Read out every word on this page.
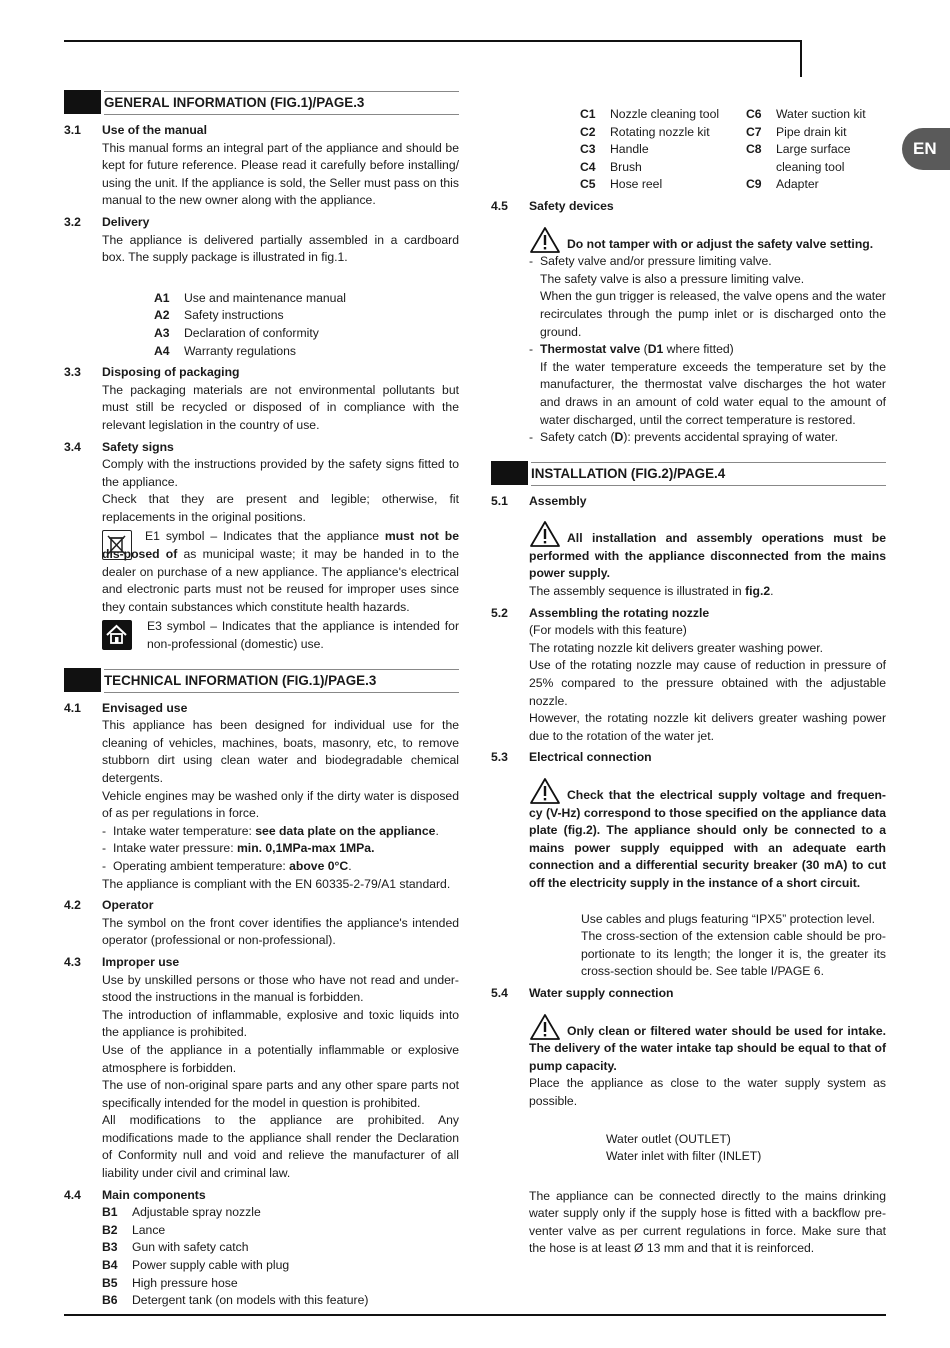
EN
GENERAL INFORMATION (FIG.1)/PAGE.3
3.1 Use of the manual

This manual forms an integral part of the appliance and should be kept for future reference. Please read it carefully before installing/ using the unit. If the appliance is sold, the Seller must pass on this manual to the new owner along with the appliance.

3.2 Delivery

The appliance is delivered partially assembled in a cardboard box. The supply package is illustrated in fig.1.

A1	Use and maintenance manual
A2	Safety instructions
A3	Declaration of conformity
A4	Warranty regulations
3.3 Disposing of packaging

The packaging materials are not environmental pollutants but must still be recycled or disposed of in compliance with the relevant legislation in the country of use.

3.4 Safety signs

Comply with the instructions provided by the safety signs fitted to the appliance.

Check that they are present and legible; otherwise, fit replacements in the original positions.

E1 symbol – Indicates that the appliance must not be dis-posed of as municipal waste; it may be handed in to the dealer on purchase of a new appliance. The appliance's electrical and electronic parts must not be reused for improper uses since they contain substances which constitute health hazards.

E3 symbol – Indicates that the appliance is intended for non-professional (domestic) use.

TECHNICAL INFORMATION (FIG.1)/PAGE.3
4.1 Envisaged use

This appliance has been designed for individual use for the cleaning of vehicles, machines, boats, masonry, etc, to remove stubborn dirt using clean water and biodegradable chemical detergents.

Vehicle engines may be washed only if the dirty water is disposed of as per regulations in force.

- Intake water temperature: see data plate on the appliance.
- Intake water pressure: min. 0,1MPa-max 1MPa.
- Operating ambient temperature: above 0°C.

The appliance is compliant with the EN 60335-2-79/A1 standard.

4.2 Operator

The symbol on the front cover identifies the appliance's intended operator (professional or non-professional).

4.3 Improper use

Use by unskilled persons or those who have not read and under-stood the instructions in the manual is forbidden.

The introduction of inflammable, explosive and toxic liquids into the appliance is prohibited.

Use of the appliance in a potentially inflammable or explosive atmosphere is forbidden.

The use of non-original spare parts and any other spare parts not specifically intended for the model in question is prohibited.

All modifications to the appliance are prohibited. Any modifications made to the appliance shall render the Declaration of Conformity null and void and relieve the manufacturer of all liability under civil and criminal law.

4.4 Main components
B1	Adjustable spray nozzle
B2	Lance
B3	Gun with safety catch
B4	Power supply cable with plug
B5	High pressure hose
B6	Detergent tank (on models with this feature)
C1	Nozzle cleaning tool
C2	Rotating nozzle kit
C3	Handle
C4	Brush
C5	Hose reel
C6	Water suction kit
C7	Pipe drain kit
C8	Large surface
cleaning tool
C9	Adapter
4.5 Safety devices
Do not tamper with or adjust the safety valve setting.
- Safety valve and/or pressure limiting valve.

The safety valve is also a pressure limiting valve.

When the gun trigger is released, the valve opens and the water recirculates through the pump inlet or is discharged onto the ground.

- Thermostat valve (D1 where fitted)

If the water temperature exceeds the temperature set by the manufacturer, the thermostat valve discharges the hot water and draws in an amount of cold water equal to the amount of water discharged, until the correct temperature is restored.

- Safety catch (D): prevents accidental spraying of water.
INSTALLATION (FIG.2)/PAGE.4
5.1 Assembly
All installation and assembly operations must be performed with the appliance disconnected from the mains power supply.

The assembly sequence is illustrated in fig.2.

5.2 Assembling the rotating nozzle

(For models with this feature)

The rotating nozzle kit delivers greater washing power.

Use of the rotating nozzle may cause of reduction in pressure of 25% compared to the pressure obtained with the adjustable nozzle.

However, the rotating nozzle kit delivers greater washing power due to the rotation of the water jet.

5.3 Electrical connection
Check that the electrical supply voltage and frequen-cy (V-Hz) correspond to those specified on the appliance data plate (fig.2). The appliance should only be connected to a mains power supply equipped with an adequate earth connection and a differential security breaker (30 mA) to cut off the electricity supply in the instance of a short circuit.

Use cables and plugs featuring “IPX5” protection level.

The cross-section of the extension cable should be pro-portionate to its length; the longer it is, the greater its cross-section should be. See table I/PAGE 6.

5.4 Water supply connection
Only clean or filtered water should be used for intake. The delivery of the water intake tap should be equal to that of pump capacity.

Place the appliance as close to the water supply system as possible.

Water outlet (OUTLET)
Water inlet with filter (INLET)

The appliance can be connected directly to the mains drinking water supply only if the supply hose is fitted with a backflow pre-venter valve as per current regulations in force. Make sure that the hose is at least Ø 13 mm and that it is reinforced.
